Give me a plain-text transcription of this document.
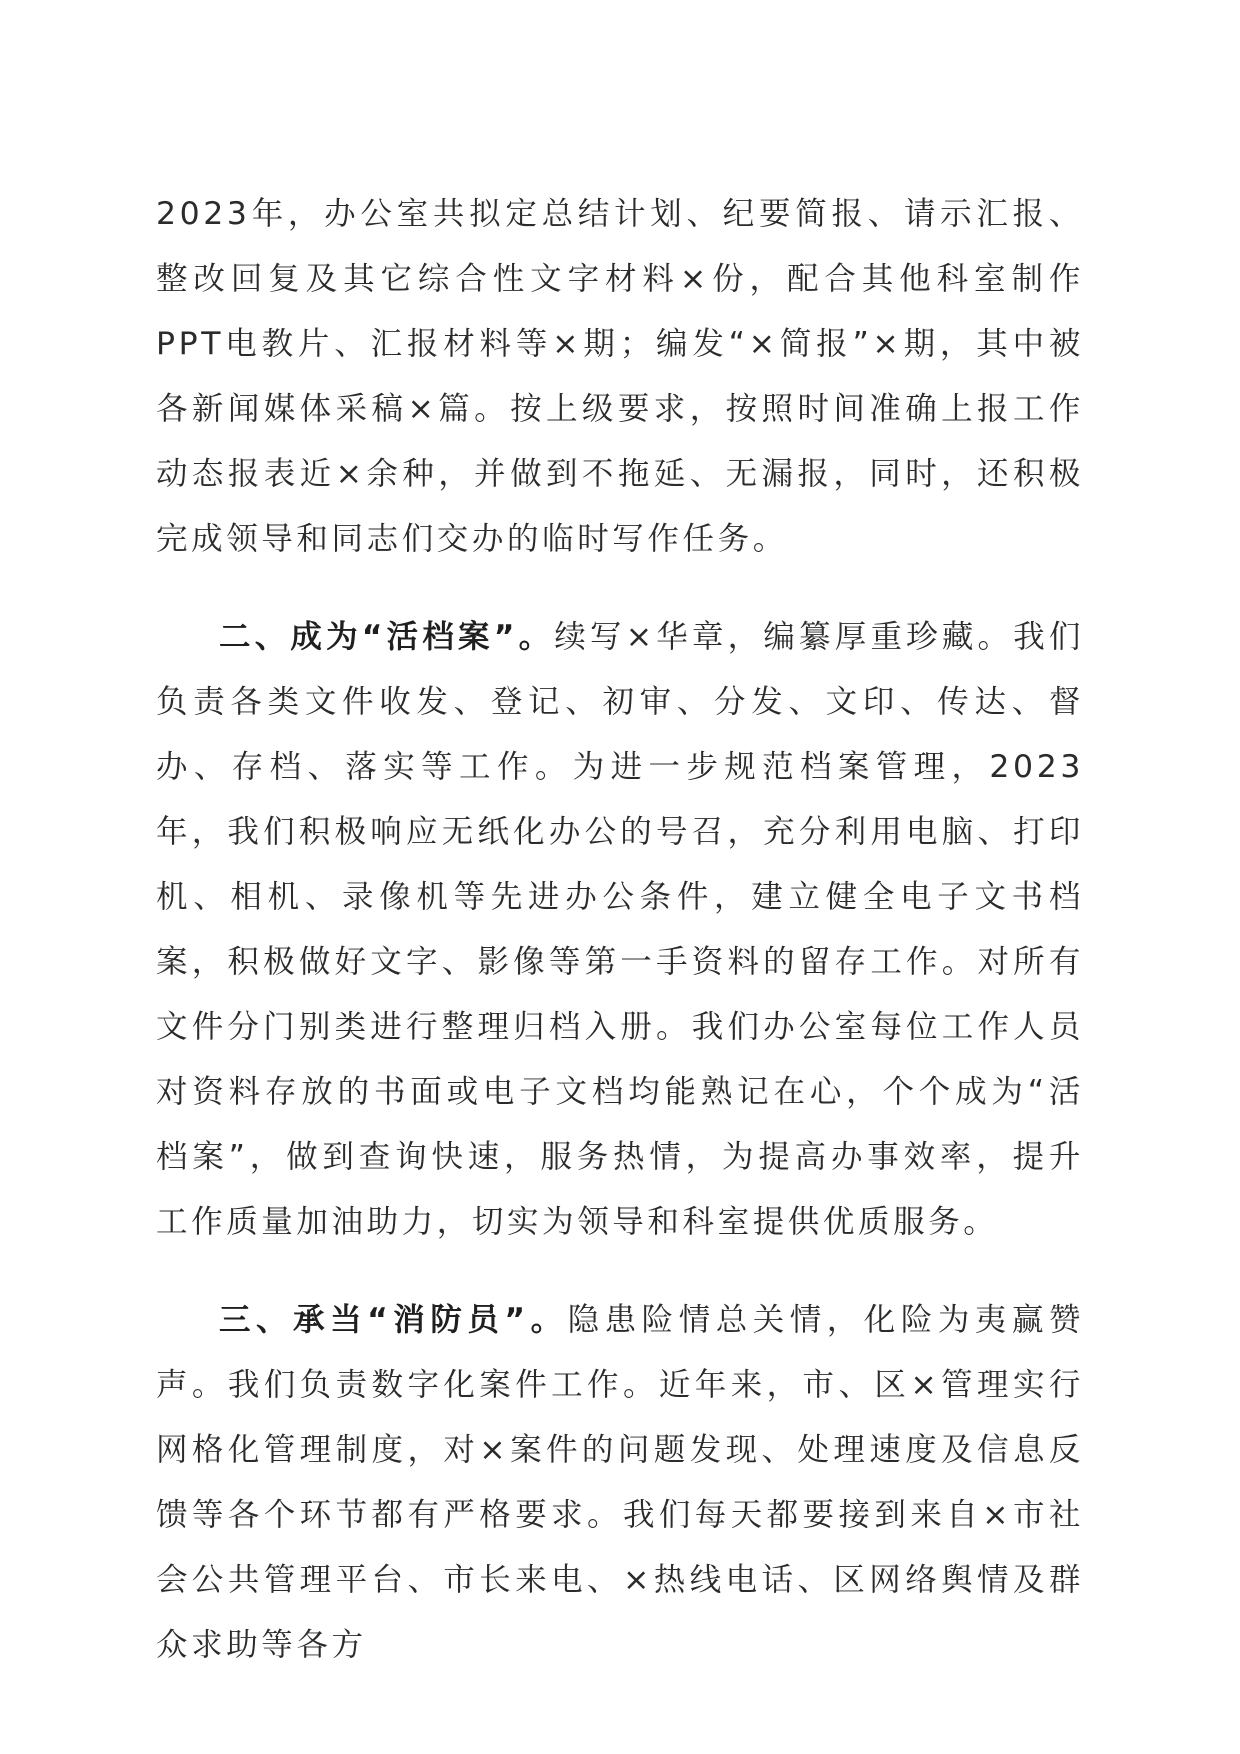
2023年，办公室共拟定总结计划、纪要简报、请示汇报、整改回复及其它综合性文字材料×份，配合其他科室制作PPT电教片、汇报材料等×期；编发“×简报”×期，其中被各新闻媒体采稿×篇。按上级要求，按照时间准确上报工作动态报表近×余种，并做到不拖延、无漏报，同时，还积极完成领导和同志们交办的临时写作任务。

二、成为“活档案”。续写×华章，编纂厚重珍藏。我们负责各类文件收发、登记、初审、分发、文印、传达、督办、存档、落实等工作。为进一步规范档案管理，2023年，我们积极响应无纸化办公的号召，充分利用电脑、打印机、相机、录像机等先进办公条件，建立健全电子文书档案，积极做好文字、影像等第一手资料的留存工作。对所有文件分门别类进行整理归档入册。我们办公室每位工作人员对资料存放的书面或电子文档均能熟记在心，个个成为“活档案”，做到查询快速，服务热情，为提高办事效率，提升工作质量加油助力，切实为领导和科室提供优质服务。

三、承当“消防员”。隐患险情总关情，化险为夷赢赞声。我们负责数字化案件工作。近年来，市、区×管理实行网格化管理制度，对×案件的问题发现、处理速度及信息反馈等各个环节都有严格要求。我们每天都要接到来自×市社会公共管理平台、市长来电、×热线电话、区网络舆情及群众求助等各方
